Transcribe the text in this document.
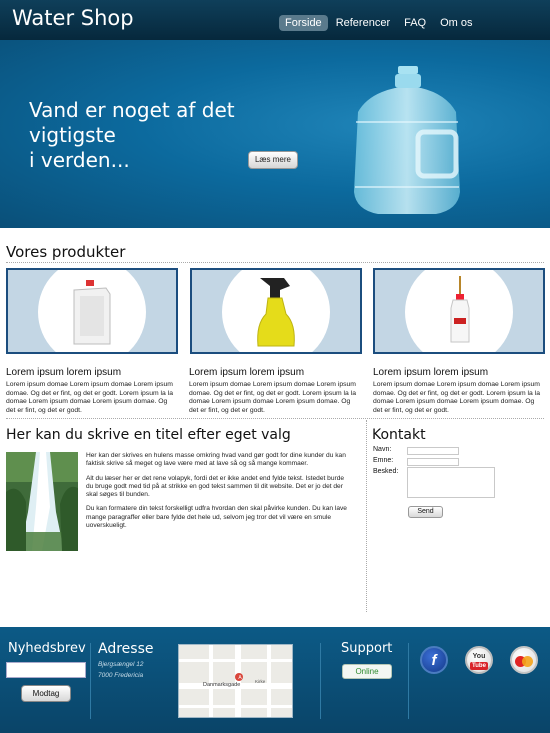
Water Shop	Forside	Referencer	FAQ	Om os
Vand er noget af det vigtigste
i verden...	Læs mere
Vores produkter
Lorem ipsum lorem ipsum
Lorem ipsum domae Lorem ipsum domae Lorem ipsum domae. Og det er fint, og det er godt. Lorem ipsum la la domae Lorem ipsum domae Lorem ipsum domae. Og det er fint, og det er godt.
Lorem ipsum lorem ipsum
Lorem ipsum domae Lorem ipsum domae Lorem ipsum domae. Og det er fint, og det er godt. Lorem ipsum la la domae Lorem ipsum domae Lorem ipsum domae. Og det er fint, og det er godt.
Lorem ipsum lorem ipsum
Lorem ipsum domae Lorem ipsum domae Lorem ipsum domae. Og det er fint, og det er godt. Lorem ipsum la la domae Lorem ipsum domae Lorem ipsum domae. Og det er fint, og det er godt.
Her kan du skrive en titel efter eget valg

Her kan der skrives en hulens masse omkring hvad vand gør godt for dine kunder du kan faktisk skrive så meget og lave være med at lave så og så mange kommaer.

Alt du læser her er det rene volapyk, fordi det er ikke andet end fylde tekst. Istedet burde du bruge godt med tid på at strikke en god tekst sammen til dit website. Det er jo det der skal søges til bunden.

Du kan formatere din tekst forskelligt udfra hvordan den skal påvirke kunden. Du kan lave mange paragraffer eller bare fylde det hele ud, selvom jeg tror det vil være en smule uoverskueligt.

Kontakt
Navn:
Emne:
Besked:
Send
Nyhedsbrev
Modtag
Adresse
Bjergsængel 12
7000 Fredericia	A
Danmarksgade
Kirke
Support
Online
f	You
Tube
